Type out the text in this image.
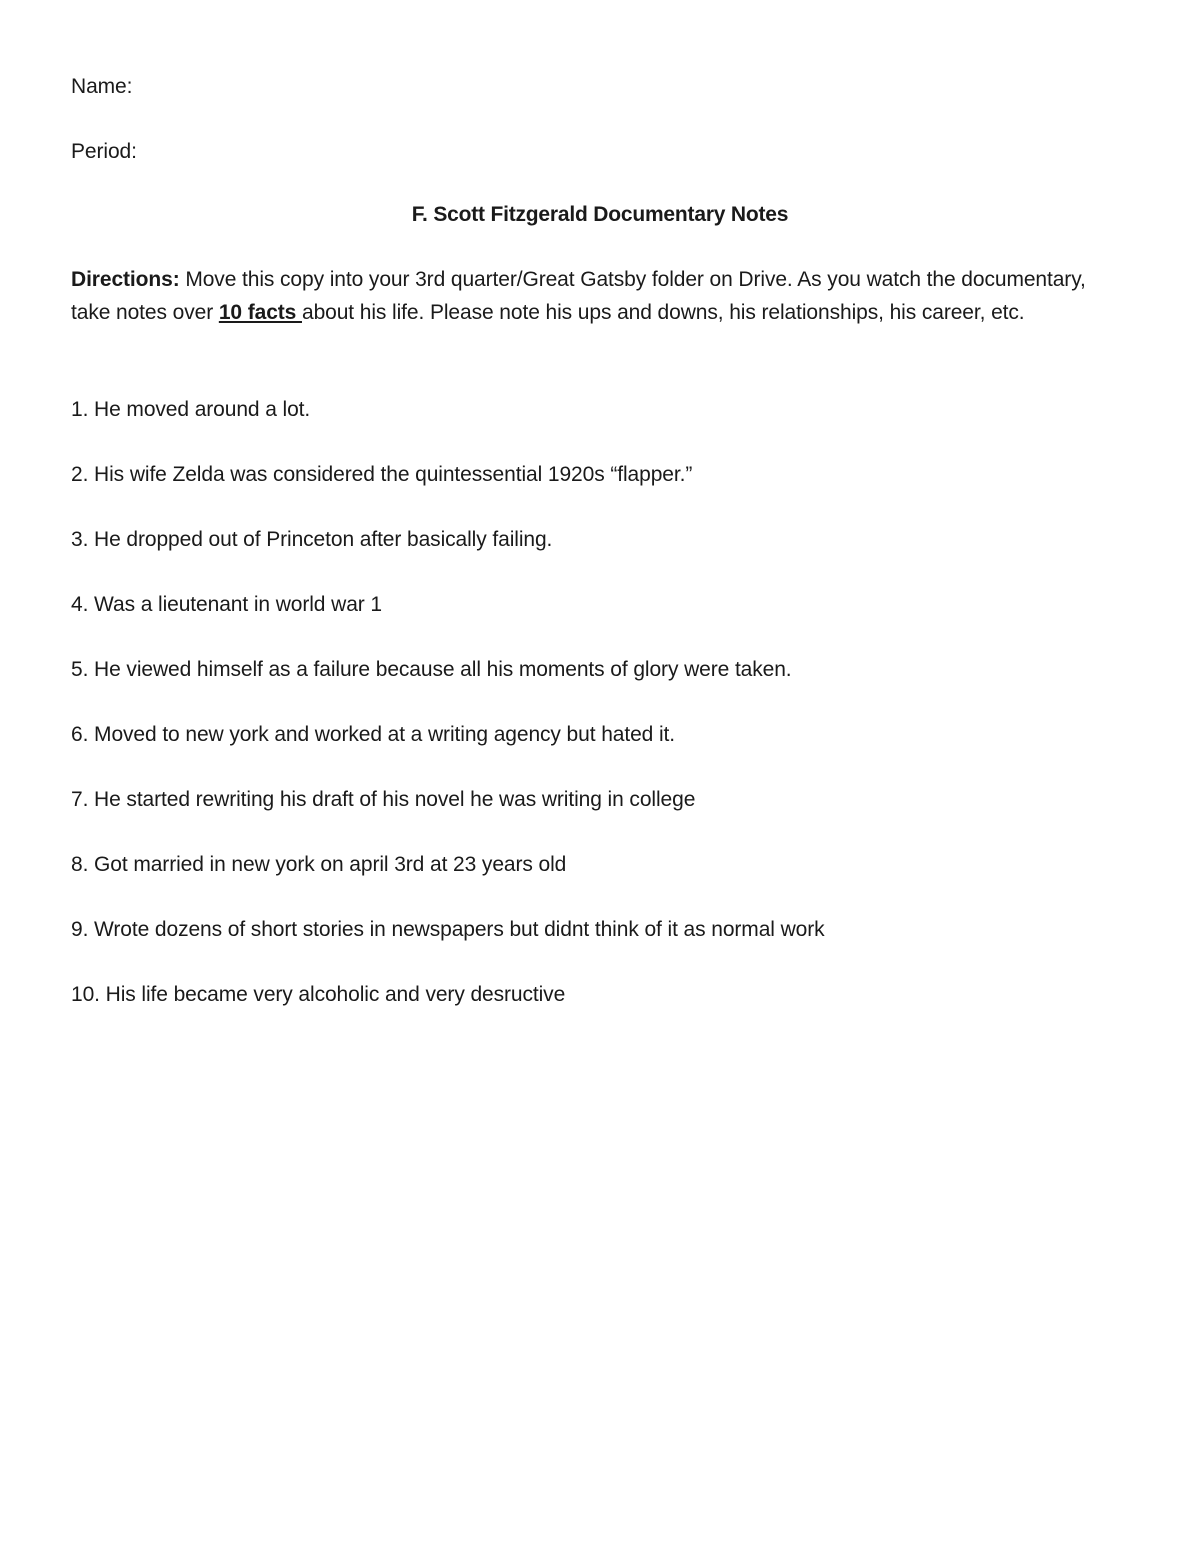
Name:
Period:
F. Scott Fitzgerald Documentary Notes
Directions: Move this copy into your 3rd quarter/Great Gatsby folder on Drive. As you watch the documentary, take notes over 10 facts about his life. Please note his ups and downs, his relationships, his career, etc.
1. He moved around a lot.
2. His wife Zelda was considered the quintessential 1920s “flapper.”
3. He dropped out of Princeton after basically failing.
4. Was a lieutenant in world war 1
5. He viewed himself as a failure because all his moments of glory were taken.
6. Moved to new york and worked at a writing agency but hated it.
7. He started rewriting his draft of his novel he was writing in college
8. Got married in new york on april 3rd at 23 years old
9. Wrote dozens of short stories in newspapers but didnt think of it as normal work
10. His life became very alcoholic and very desructive
